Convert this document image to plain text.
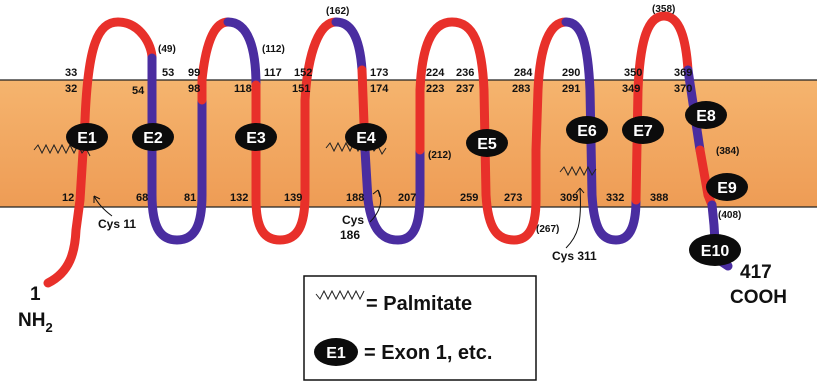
33
32
53
54
99
98
117
118
152
151
173
174
224
223
236
237
284
283
290
291
350
349
369
370
12	68	81	132	139	188	207	259 273	309	332 388
(49)	(112)
(162)
(212)
(267)
(358)
(384)
(408)
E1	E2	E3	E4	E5
E6 E7
E8
E9
E10
Cys 11	Cys
186
Cys 311
1
$NH_2$
417
COOH
= Palmitate
E1 = Exon 1, etc.
